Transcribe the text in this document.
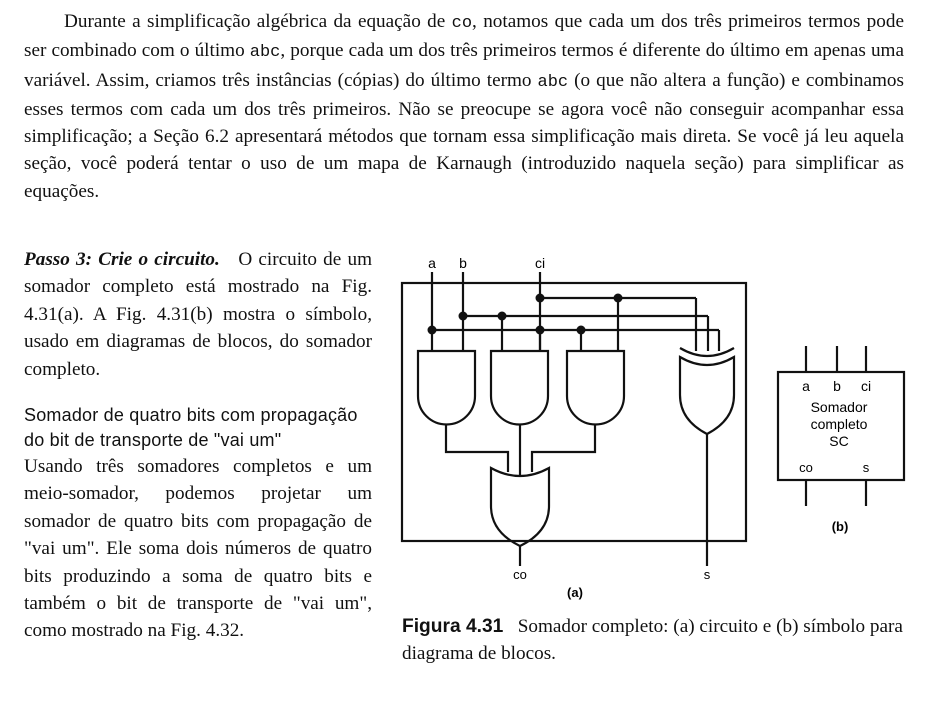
Durante a simplificação algébrica da equação de co, notamos que cada um dos três primeiros termos pode ser combinado com o último abc, porque cada um dos três primeiros termos é diferente do último em apenas uma variável. Assim, criamos três instâncias (cópias) do último termo abc (o que não altera a função) e combinamos esses termos com cada um dos três primeiros. Não se preocupe se agora você não conseguir acompanhar essa simplificação; a Seção 6.2 apresentará métodos que tornam essa simplificação mais direta. Se você já leu aquela seção, você poderá tentar o uso de um mapa de Karnaugh (introduzido naquela seção) para simplificar as equações.

Passo 3: Crie o circuito. O circuito de um somador completo está mostrado na Fig. 4.31(a). A Fig. 4.31(b) mostra o símbolo, usado em diagramas de blocos, do somador completo.

Somador de quatro bits com propagação do bit de transporte de "vai um"

Usando três somadores completos e um meio-somador, podemos projetar um somador de quatro bits com propagação de "vai um". Ele soma dois números de quatro bits produzindo a soma de quatro bits e também o bit de transporte de "vai um", como mostrado na Fig. 4.32.

a b	ci
co	s
(a)
a b ci
Somador
completo
SC
co	s
(b)
Figura 4.31 Somador completo: (a) circuito e (b) símbolo para diagrama de blocos.
